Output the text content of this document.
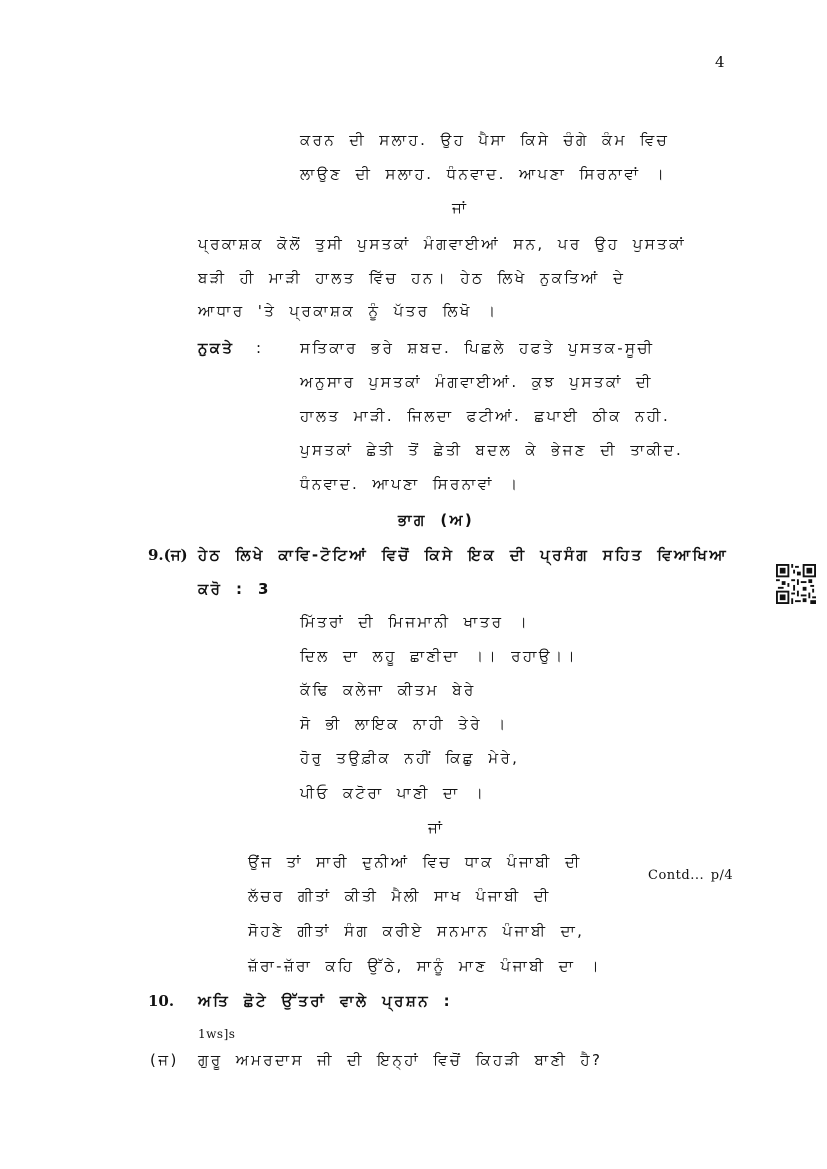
4
ਕਰਨ ਦੀ ਸਲਾਹ. ਉਹ ਪੈਸਾ ਕਿਸੇ ਚੰਗੇ ਕੰਮ ਵਿਚ
ਲਾਉਣ ਦੀ ਸਲਾਹ. ਧੰਨਵਾਦ. ਆਪਣਾ ਸਿਰਨਾਵਾਂ ।
ਜਾਂ
ਪ੍ਰਕਾਸ਼ਕ ਕੋਲੋਂ ਤੁਸੀ ਪੁਸਤਕਾਂ ਮੰਗਵਾਈਆਂ ਸਨ, ਪਰ ਉਹ ਪੁਸਤਕਾਂ
ਬੜੀ ਹੀ ਮਾੜੀ ਹਾਲਤ ਵਿੱਚ ਹਨ। ਹੇਠ ਲਿਖੇ ਨੁਕਤਿਆਂ ਦੇ
ਆਧਾਰ 'ਤੇ ਪ੍ਰਕਾਸ਼ਕ ਨੂੰ ਪੱਤਰ ਲਿਖੋ ।
ਨੁਕਤੇ : ਸਤਿਕਾਰ ਭਰੇ ਸ਼ਬਦ. ਪਿਛਲੇ ਹਫਤੇ ਪੁਸਤਕ-ਸੂਚੀ
ਅਨੁਸਾਰ ਪੁਸਤਕਾਂ ਮੰਗਵਾਈਆਂ. ਕੁਝ ਪੁਸਤਕਾਂ ਦੀ
ਹਾਲਤ ਮਾੜੀ. ਜਿਲਦਾ ਫਟੀਆਂ. ਛਪਾਈ ਠੀਕ ਨਹੀ.
ਪੁਸਤਕਾਂ ਛੇਤੀ ਤੋਂ ਛੇਤੀ ਬਦਲ ਕੇ ਭੇਜਣ ਦੀ ਤਾਕੀਦ.
ਧੰਨਵਾਦ. ਆਪਣਾ ਸਿਰਨਾਵਾਂ ।
ਭਾਗ (ਅ)
9.(ਜ) ਹੇਠ ਲਿਖੇ ਕਾਵਿ-ਟੋਟਿਆਂ ਵਿਚੋਂ ਕਿਸੇ ਇਕ ਦੀ ਪ੍ਰਸੰਗ ਸਹਿਤ ਵਿਆਖਿਆ
ਕਰੋ : 3
ਮਿੱਤਰਾਂ ਦੀ ਮਿਜਮਾਨੀ ਖਾਤਰ ।
ਦਿਲ ਦਾ ਲਹੂ ਛਾਣੀਦਾ ।। ਰਹਾਉ।।
ਕੱਢਿ ਕਲੇਜਾ ਕੀਤਮ ਬੇਰੇ
ਸੋ ਭੀ ਲਾਇਕ ਨਾਹੀ ਤੇਰੇ ।
ਹੋਰੁ ਤਉਫ਼ੀਕ ਨਹੀਂ ਕਿਛੁ ਮੇਰੇ,
ਪੀਓ ਕਟੋਰਾ ਪਾਣੀ ਦਾ ।
ਜਾਂ
ਉਂਜ ਤਾਂ ਸਾਰੀ ਦੁਨੀਆਂ ਵਿਚ ਧਾਕ ਪੰਜਾਬੀ ਦੀ
ਲੱਚਰ ਗੀਤਾਂ ਕੀਤੀ ਮੈਲੀ ਸਾਖ ਪੰਜਾਬੀ ਦੀ
ਸੋਹਣੇ ਗੀਤਾਂ ਸੰਗ ਕਰੀਏ ਸਨਮਾਨ ਪੰਜਾਬੀ ਦਾ,
ਜ਼ੱਰਾ-ਜ਼ੱਰਾ ਕਹਿ ਉੱਠੇ, ਸਾਨੂੰ ਮਾਣ ਪੰਜਾਬੀ ਦਾ ।
Contd... p/4
10. ਅਤਿ ਛੋਟੇ ਉੱਤਰਾਂ ਵਾਲੇ ਪ੍ਰਸ਼ਨ :
1ws]s
(ਜ) ਗੁਰੂ ਅਮਰਦਾਸ ਜੀ ਦੀ ਇਨ੍ਹਾਂ ਵਿਚੋਂ ਕਿਹੜੀ ਬਾਣੀ ਹੈ?
